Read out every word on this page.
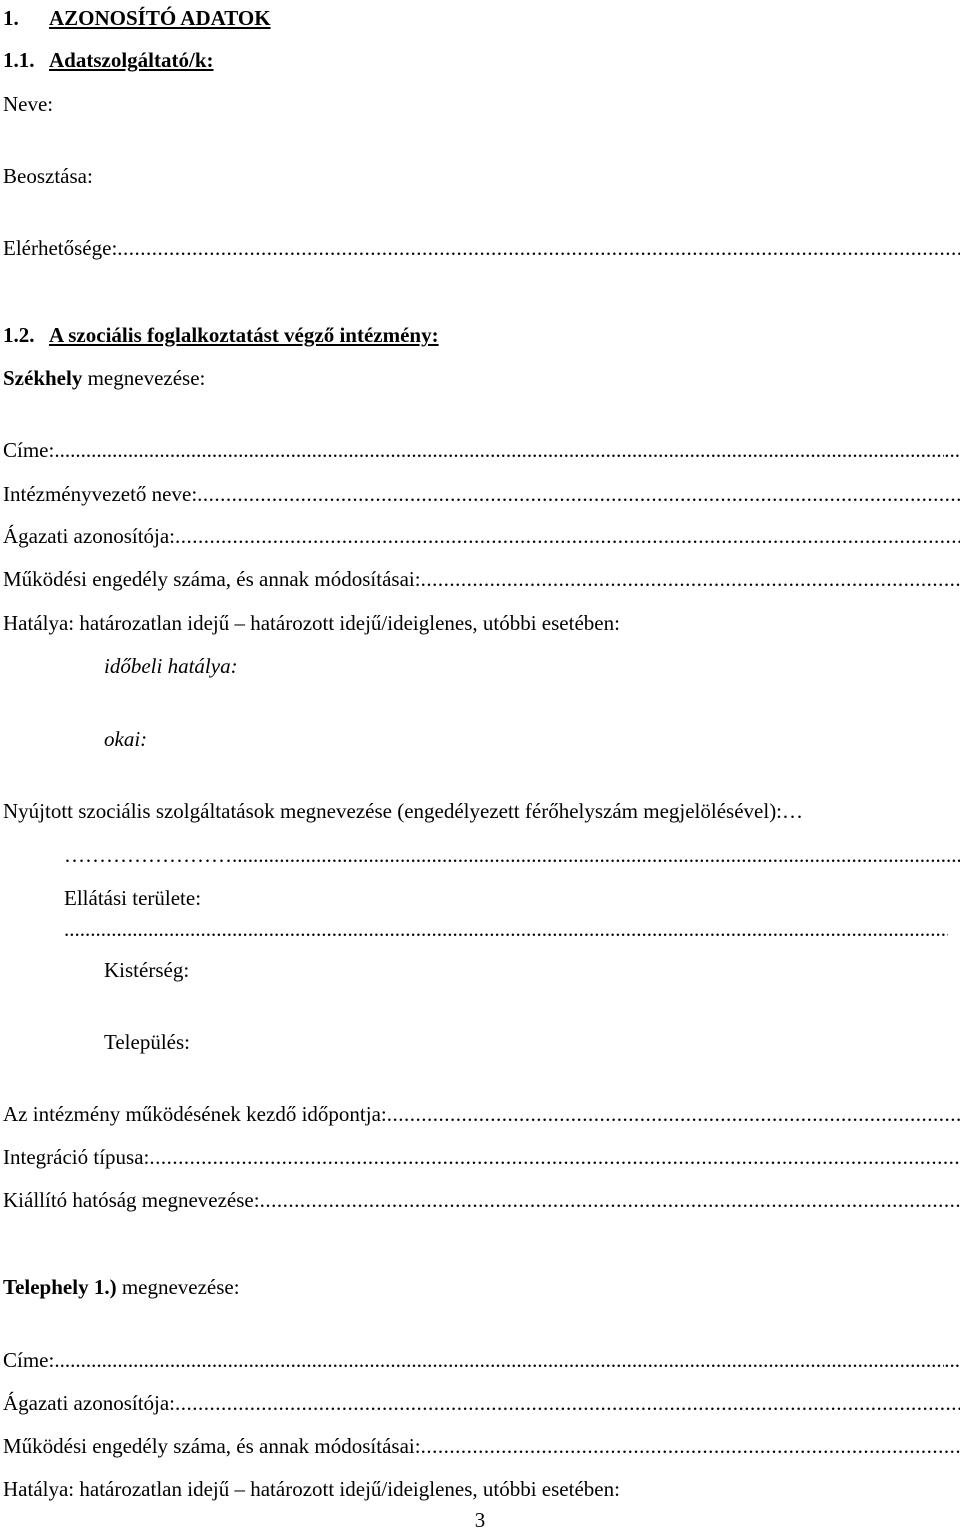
1. AZONOSÍTÓ ADATOK
1.1. Adatszolgáltató/k:
Neve:
Beosztása:
Elérhetősége:
.....
1.2. A szociális foglalkoztatást végző intézmény:
Székhely megnevezése:
Címe: .....	...
Intézményvezető neve:
.....
Ágazati azonosítója:
.....
Működési engedély száma, és annak módosításai:
.....
Hatálya: határozatlan idejű – határozott idejű/ideiglenes, utóbbi esetében:
időbeli hatálya:
okai:
Nyújtott szociális szolgáltatások megnevezése (engedélyezett férőhelyszám megjelölésével):…
……………………
.....
Ellátási területe:
.....
Kistérség:
Település:
Az intézmény működésének kezdő időpontja:
.....
Integráció típusa:
.....
Kiállító hatóság megnevezése:
.....
Telephely 1.) megnevezése:
Címe: .....	...
Ágazati azonosítója:
.....
Működési engedély száma, és annak módosításai:
.....
Hatálya: határozatlan idejű – határozott idejű/ideiglenes, utóbbi esetében:
3
